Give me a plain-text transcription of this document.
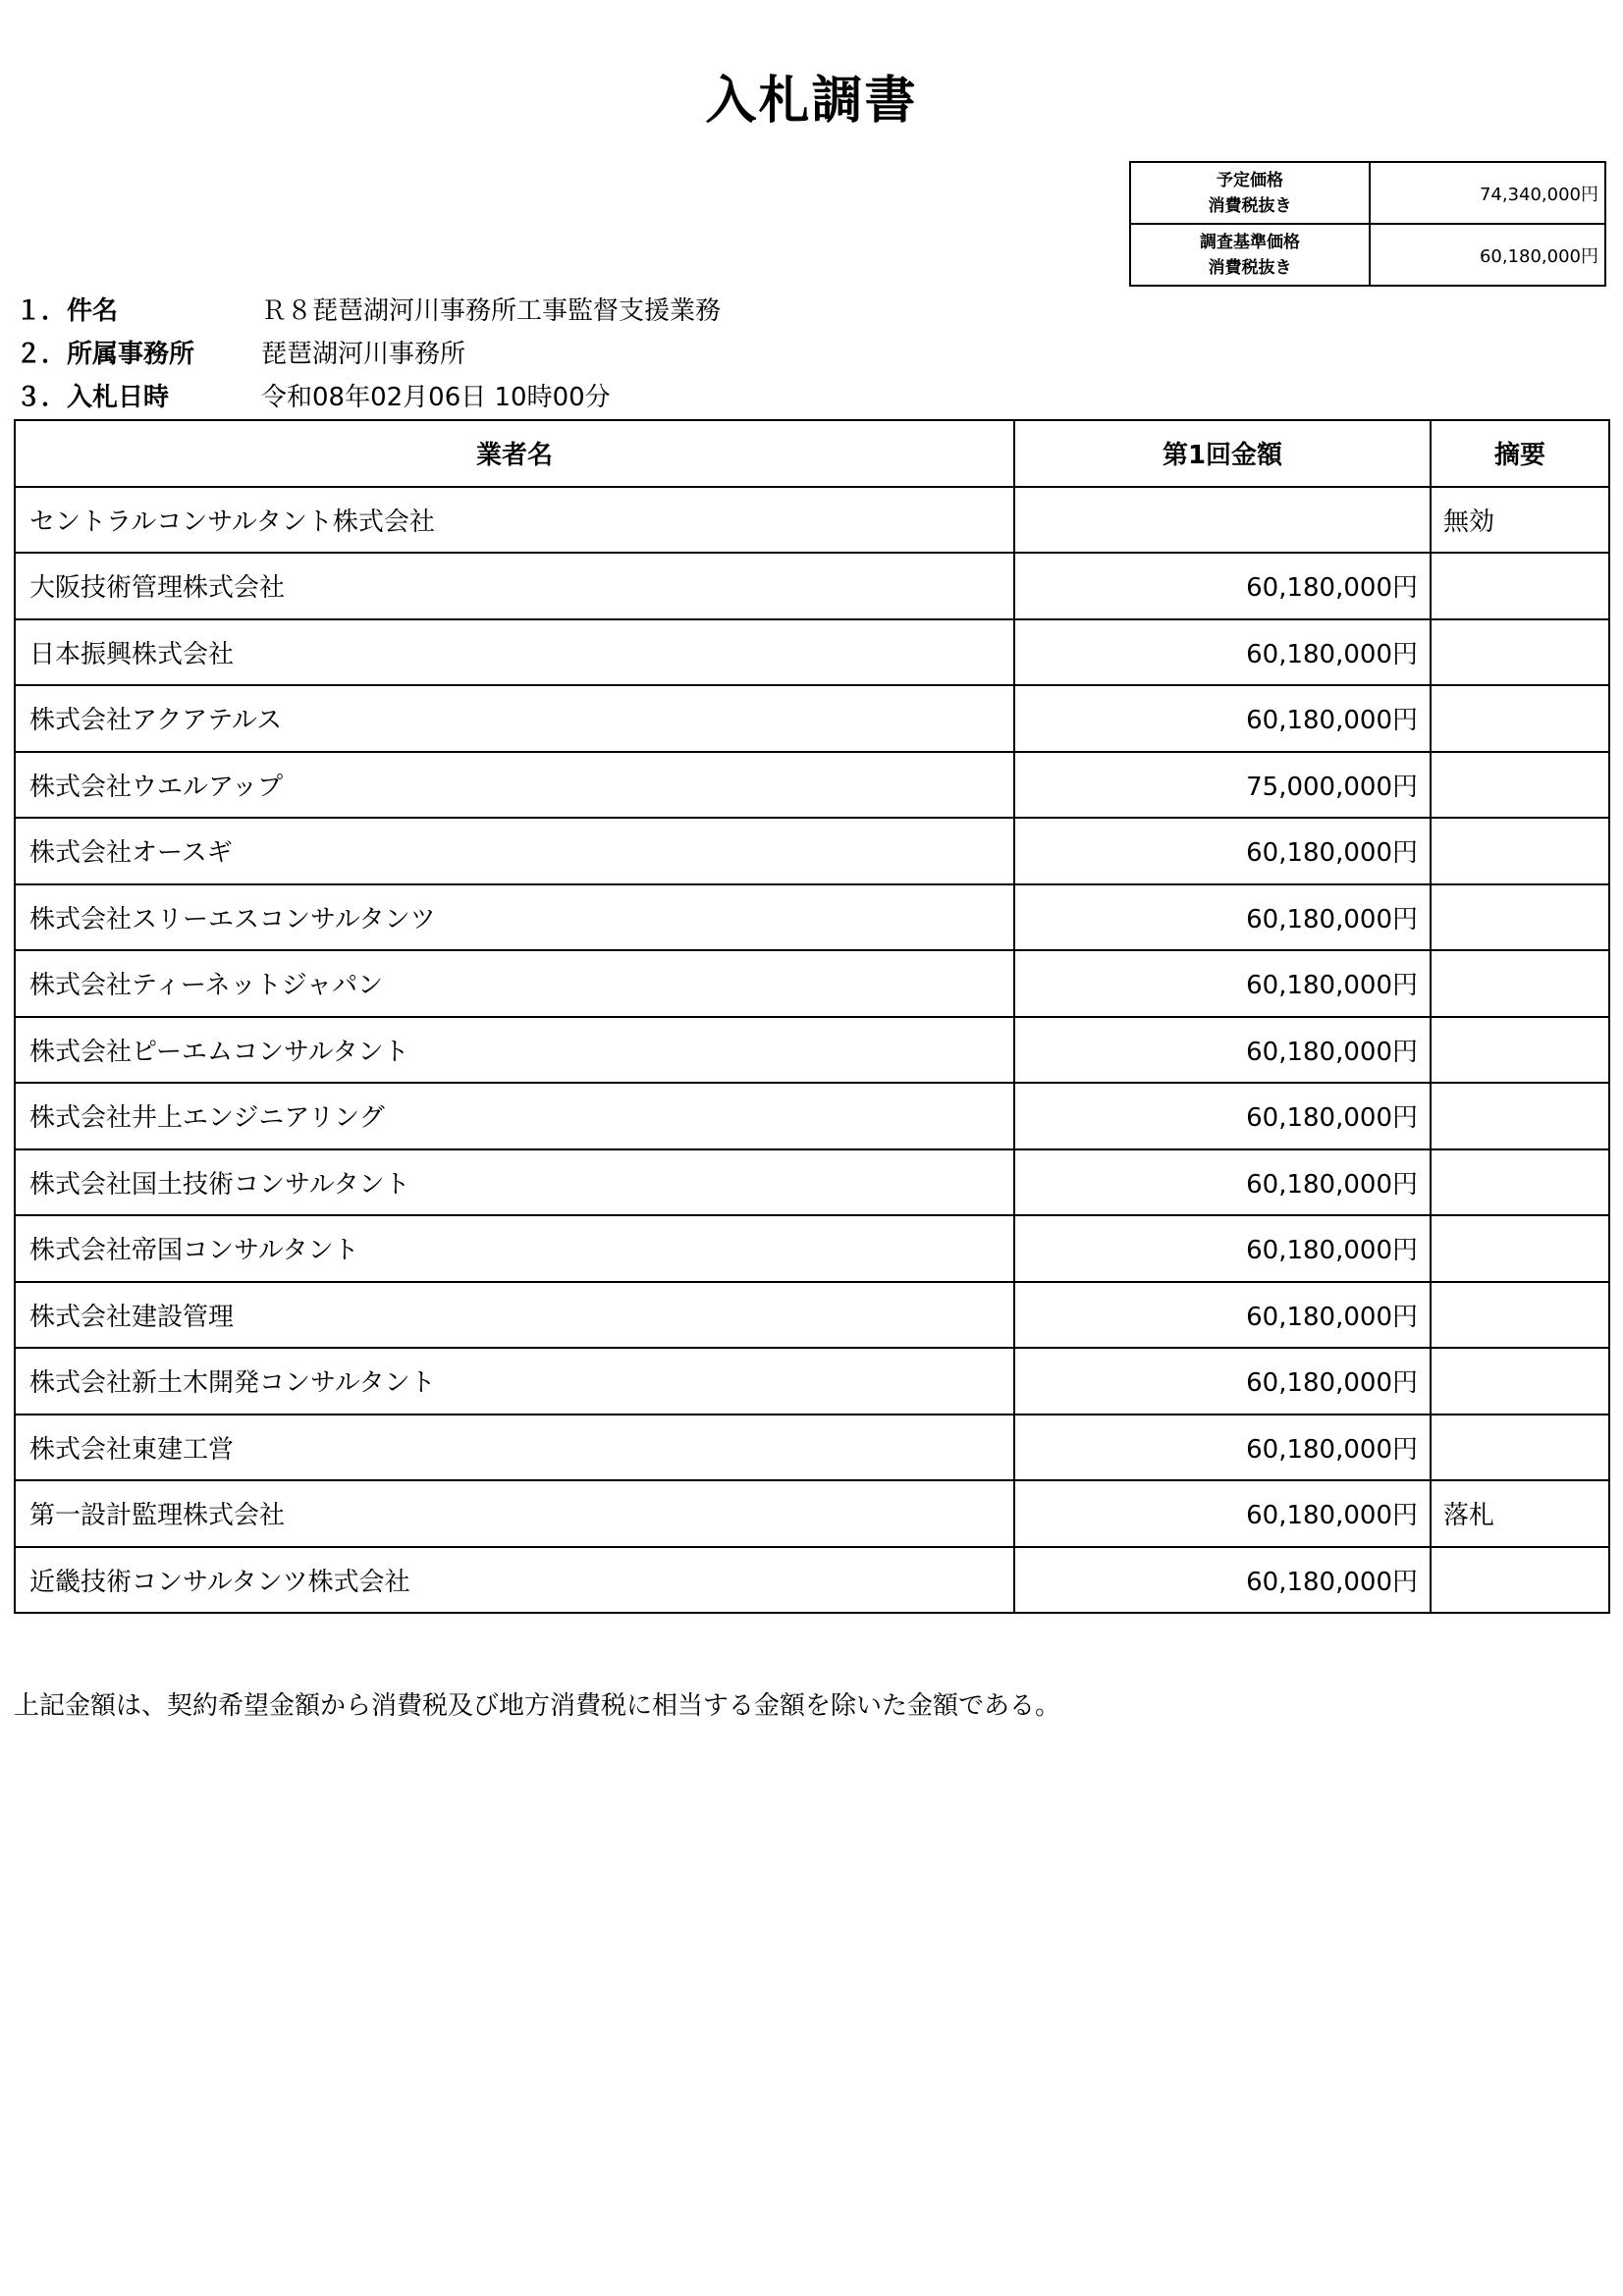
入札調書
予定価格
消費税抜き	74,340,000円

調査基準価格
消費税抜き	60,180,000円
１．件名	Ｒ８琵琶湖河川事務所工事監督支援業務
２．所属事務所	琵琶湖河川事務所
３．入札日時	令和08年02月06日 10時00分
業者名	第1回金額	摘要
セントラルコンサルタント株式会社		無効
大阪技術管理株式会社	60,180,000円	
日本振興株式会社	60,180,000円	
株式会社アクアテルス	60,180,000円	
株式会社ウエルアップ	75,000,000円	
株式会社オースギ	60,180,000円	
株式会社スリーエスコンサルタンツ	60,180,000円	
株式会社ティーネットジャパン	60,180,000円	
株式会社ピーエムコンサルタント	60,180,000円	
株式会社井上エンジニアリング	60,180,000円	
株式会社国土技術コンサルタント	60,180,000円	
株式会社帝国コンサルタント	60,180,000円	
株式会社建設管理	60,180,000円	
株式会社新土木開発コンサルタント	60,180,000円	
株式会社東建工営	60,180,000円	
第一設計監理株式会社	60,180,000円	落札
近畿技術コンサルタンツ株式会社	60,180,000円	
上記金額は、契約希望金額から消費税及び地方消費税に相当する金額を除いた金額である。
